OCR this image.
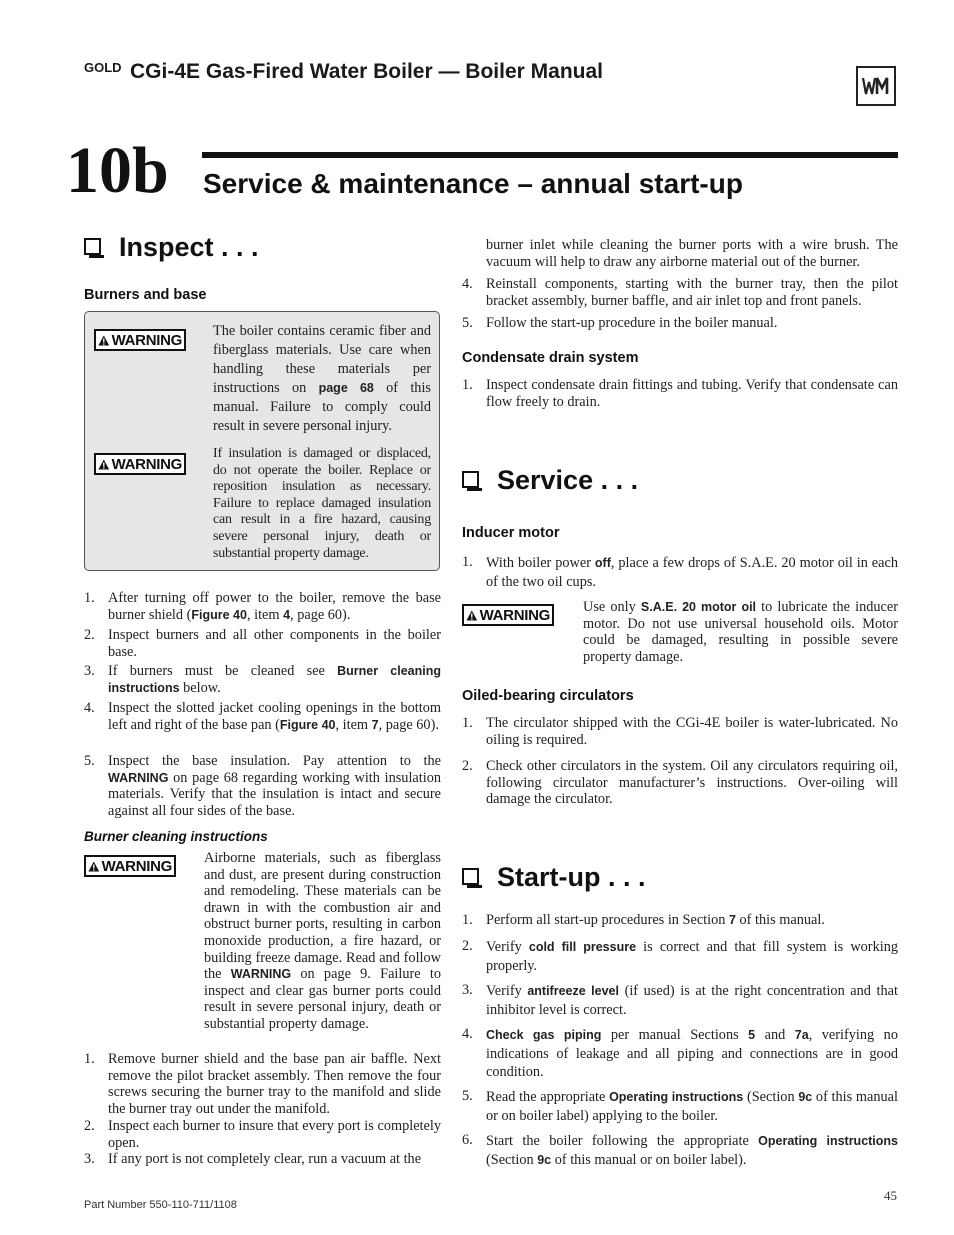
$^{GOLD}$ CGi-4E Gas-Fired Water Boiler — Boiler Manual
10b Service & maintenance – annual start-up
Inspect . . .
Burners and base
WARNING
The boiler contains ceramic fiber and fiberglass materials. Use care when handling these materials per instructions on page 68 of this manual. Failure to comply could result in severe personal injury.
WARNING
If insulation is damaged or displaced, do not operate the boiler. Replace or reposition insulation as necessary. Failure to replace damaged insulation can result in a fire hazard, causing severe personal injury, death or substantial property damage.
1. After turning off power to the boiler, remove the base burner shield (Figure 40, item 4, page 60).
2. Inspect burners and all other components in the boiler base.
3. If burners must be cleaned see Burner cleaning instructions below.
4. Inspect the slotted jacket cooling openings in the bottom left and right of the base pan (Figure 40, item 7, page 60).
5. Inspect the base insulation. Pay attention to the WARNING on page 68 regarding working with insulation materials. Verify that the insulation is intact and secure against all four sides of the base.
Burner cleaning instructions
WARNING Airborne materials, such as fiberglass and dust, are present during construction and remodeling. These materials can be drawn in with the combustion air and obstruct burner ports, resulting in carbon monoxide production, a fire hazard, or building freeze damage. Read and follow the WARNING on page 9. Failure to inspect and clear gas burner ports could result in severe personal injury, death or substantial property damage.
1. Remove burner shield and the base pan air baffle. Next remove the pilot bracket assembly. Then remove the four screws securing the burner tray to the manifold and slide the burner tray out under the manifold.
2. Inspect each burner to insure that every port is completely open.
3. If any port is not completely clear, run a vacuum at the
burner inlet while cleaning the burner ports with a wire brush. The vacuum will help to draw any airborne material out of the burner.
4. Reinstall components, starting with the burner tray, then the pilot bracket assembly, burner baffle, and air inlet top and front panels.
5. Follow the start-up procedure in the boiler manual.
Condensate drain system
1. Inspect condensate drain fittings and tubing. Verify that condensate can flow freely to drain.
Service . . .
Inducer motor
1. With boiler power off, place a few drops of S.A.E. 20 motor oil in each of the two oil cups.
WARNING Use only S.A.E. 20 motor oil to lubricate the inducer motor. Do not use universal household oils. Motor could be damaged, resulting in possible severe property damage.
Oiled-bearing circulators
1. The circulator shipped with the CGi-4E boiler is water-lubricated. No oiling is required.
2. Check other circulators in the system. Oil any circulators requiring oil, following circulator manufacturer’s instructions. Over-oiling will damage the circulator.
Start-up . . .
1. Perform all start-up procedures in Section 7 of this manual.
2. Verify cold fill pressure is correct and that fill system is working properly.
3. Verify antifreeze level (if used) is at the right concentration and that inhibitor level is correct.
4. Check gas piping per manual Sections 5 and 7a, verifying no indications of leakage and all piping and connections are in good condition.
5. Read the appropriate Operating instructions (Section 9c of this manual or on boiler label) applying to the boiler.
6. Start the boiler following the appropriate Operating instructions (Section 9c of this manual or on boiler label).
Part Number 550-110-711/1108
45
